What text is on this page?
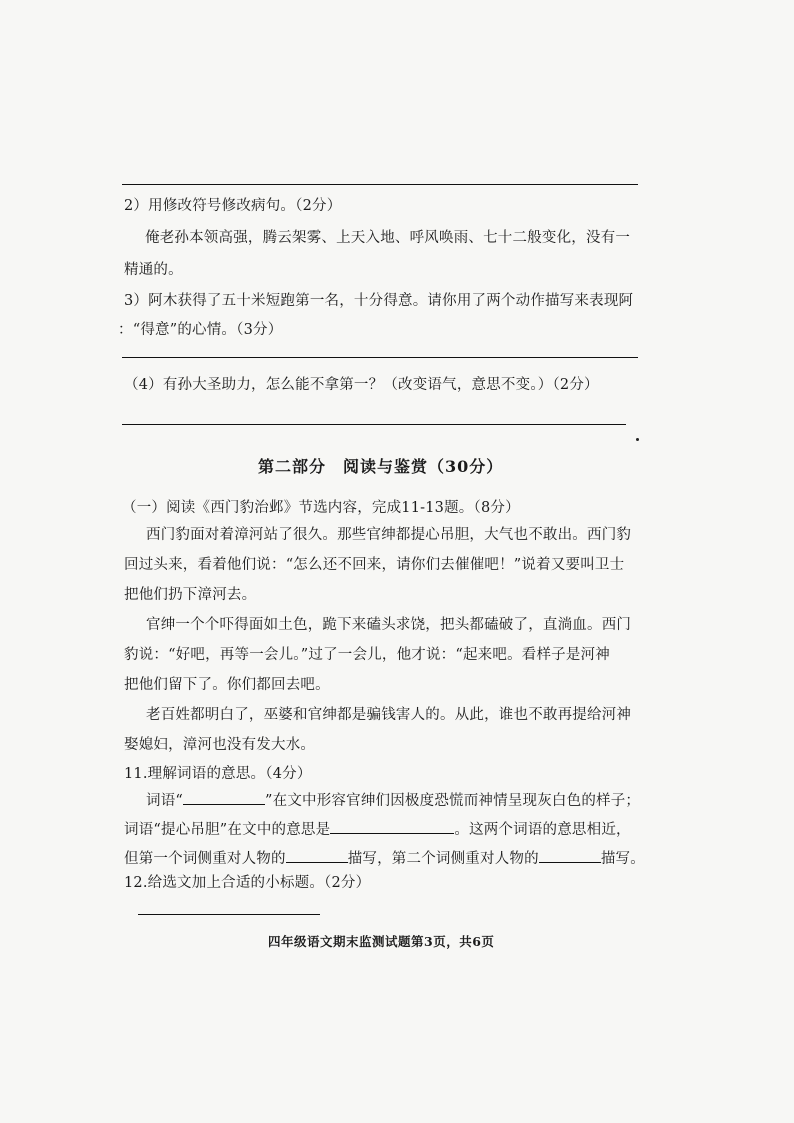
2）用修改符号修改病句。（2分）
俺老孙本领高强，腾云架雾、上天入地、呼风唤雨、七十二般变化，没有一
精通的。
3）阿木获得了五十米短跑第一名，十分得意。请你用了两个动作描写来表现阿
：“得意”的心情。（3分）
（4）有孙大圣助力，怎么能不拿第一？（改变语气，意思不变。）（2分）
第二部分　阅读与鉴赏（30分）
（一）阅读《西门豹治邺》节选内容，完成11-13题。（8分）
西门豹面对着漳河站了很久。那些官绅都提心吊胆，大气也不敢出。西门豹
回过头来，看着他们说：“怎么还不回来，请你们去催催吧！”说着又要叫卫士
把他们扔下漳河去。
官绅一个个吓得面如土色，跪下来磕头求饶，把头都磕破了，直淌血。西门
豹说：“好吧，再等一会儿。”过了一会儿，他才说：“起来吧。看样子是河神
把他们留下了。你们都回去吧。
老百姓都明白了，巫婆和官绅都是骗钱害人的。从此，谁也不敢再提给河神
娶媳妇，漳河也没有发大水。
11.理解词语的意思。（4分）
词语“	”在文中形容官绅们因极度恐慌而神情呈现灰白色的样子；
词语“提心吊胆”在文中的意思是	。这两个词语的意思相近，
但第一个词侧重对人物的	描写，第二个词侧重对人物的	描写。
12.给选文加上合适的小标题。（2分）
四年级语文期末监测试题第3页，共6页
